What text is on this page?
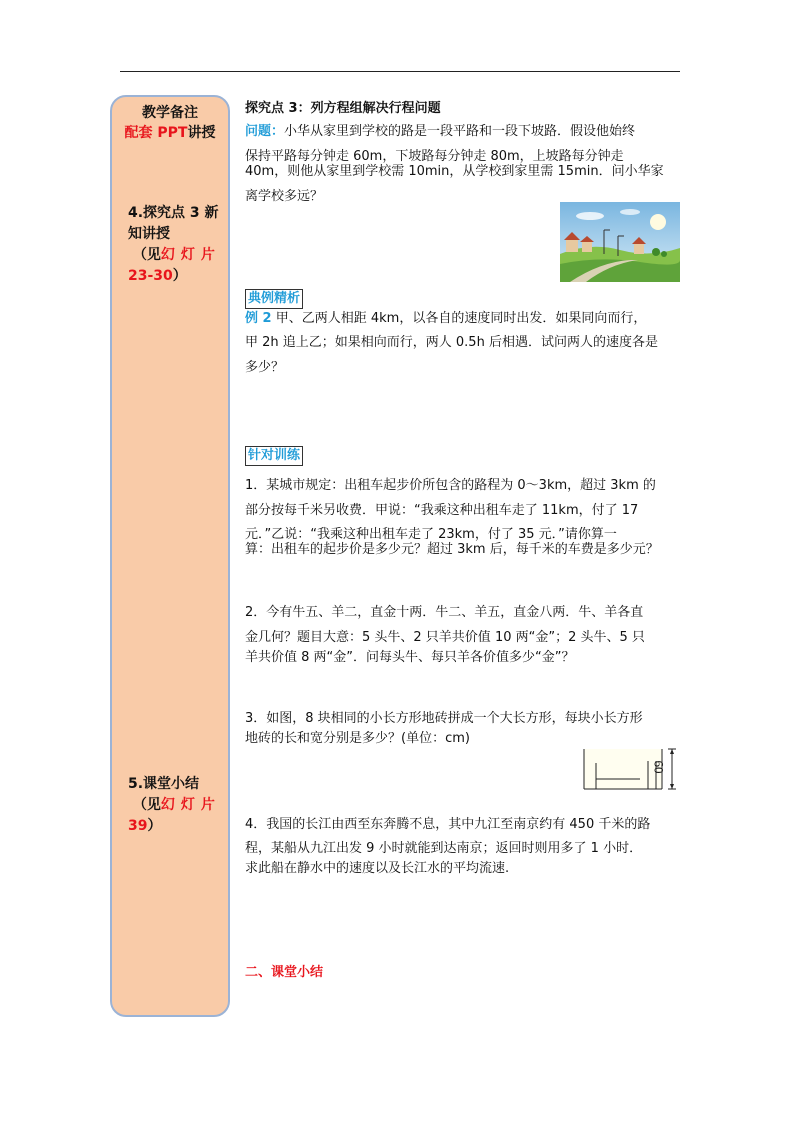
教学备注
配套 PPT讲授
4.探究点 3 新
知讲授
（见幻灯片
23-30）
5.课堂小结
（见幻灯片
39）
探究点 3：列方程组解决行程问题
问题：小华从家里到学校的路是一段平路和一段下坡路．假设他始终
保持平路每分钟走 60m，下坡路每分钟走 80m，上坡路每分钟走
40m，则他从家里到学校需 10min，从学校到家里需 15min．问小华家
离学校多远？
典例精析
例 2 甲、乙两人相距 4km，以各自的速度同时出发．如果同向而行，
甲 2h 追上乙；如果相向而行，两人 0.5h 后相遇．试问两人的速度各是
多少？
针对训练
1．某城市规定：出租车起步价所包含的路程为 0～3km，超过 3km 的
部分按每千米另收费．甲说：“我乘这种出租车走了 11km，付了 17
元．”乙说：“我乘这种出租车走了 23km，付了 35 元．”请你算一
算：出租车的起步价是多少元？超过 3km 后，每千米的车费是多少元？
2．今有牛五、羊二，直金十两．牛二、羊五，直金八两．牛、羊各直
金几何？题目大意：5 头牛、2 只羊共价值 10 两“金”；2 头牛、5 只
羊共价值 8 两“金”．问每头牛、每只羊各价值多少“金”？
3．如图，8 块相同的小长方形地砖拼成一个大长方形，每块小长方形
地砖的长和宽分别是多少？(单位：cm)
4．我国的长江由西至东奔腾不息，其中九江至南京约有 450 千米的路
程，某船从九江出发 9 小时就能到达南京；返回时则用多了 1 小时．
求此船在静水中的速度以及长江水的平均流速.
二、课堂小结
60
